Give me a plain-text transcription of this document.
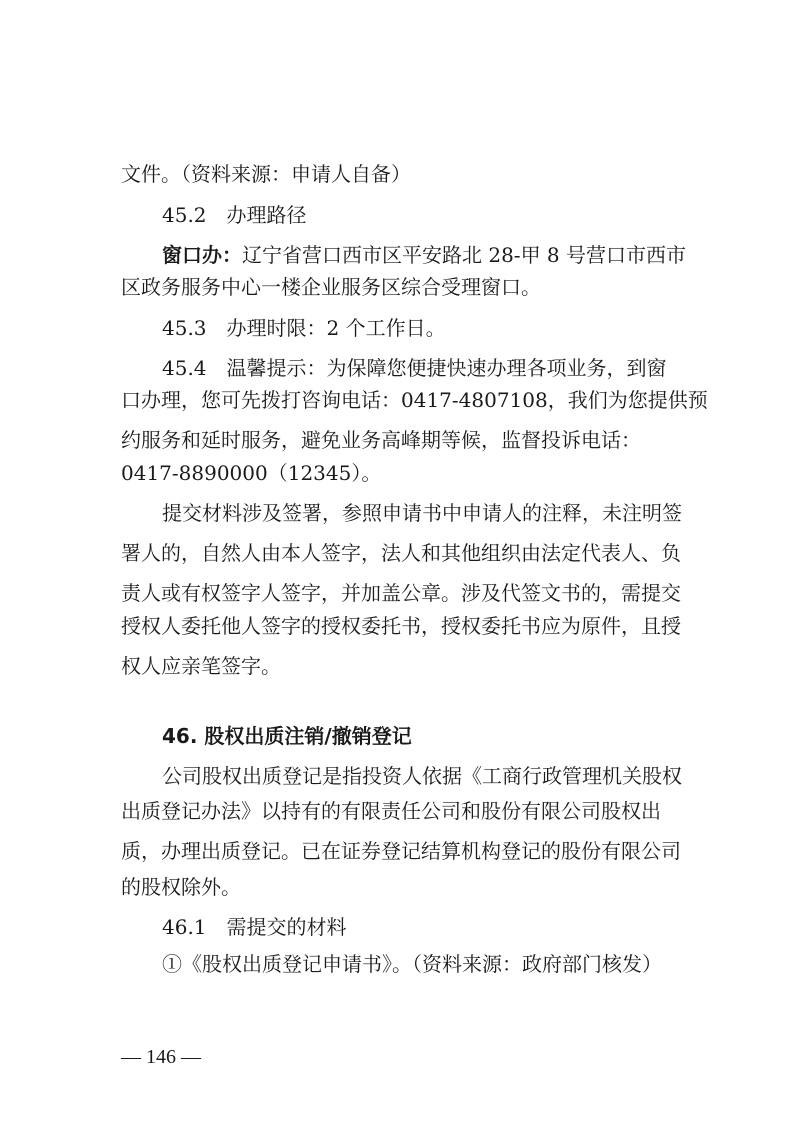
文件。（资料来源：申请人自备）
45.2　办理路径
窗口办：辽宁省营口西市区平安路北 28-甲 8 号营口市西市
区政务服务中心一楼企业服务区综合受理窗口。
45.3　办理时限：2 个工作日。
45.4　温馨提示：为保障您便捷快速办理各项业务，到窗
口办理，您可先拨打咨询电话：0417-4807108，我们为您提供预
约服务和延时服务，避免业务高峰期等候，监督投诉电话：
0417-8890000（12345）。
提交材料涉及签署，参照申请书中申请人的注释，未注明签
署人的，自然人由本人签字，法人和其他组织由法定代表人、负
责人或有权签字人签字，并加盖公章。涉及代签文书的，需提交
授权人委托他人签字的授权委托书，授权委托书应为原件，且授
权人应亲笔签字。
46. 股权出质注销/撤销登记
公司股权出质登记是指投资人依据《工商行政管理机关股权
出质登记办法》以持有的有限责任公司和股份有限公司股权出
质，办理出质登记。已在证券登记结算机构登记的股份有限公司
的股权除外。
46.1　需提交的材料
①《股权出质登记申请书》。（资料来源：政府部门核发）
— 146 —
